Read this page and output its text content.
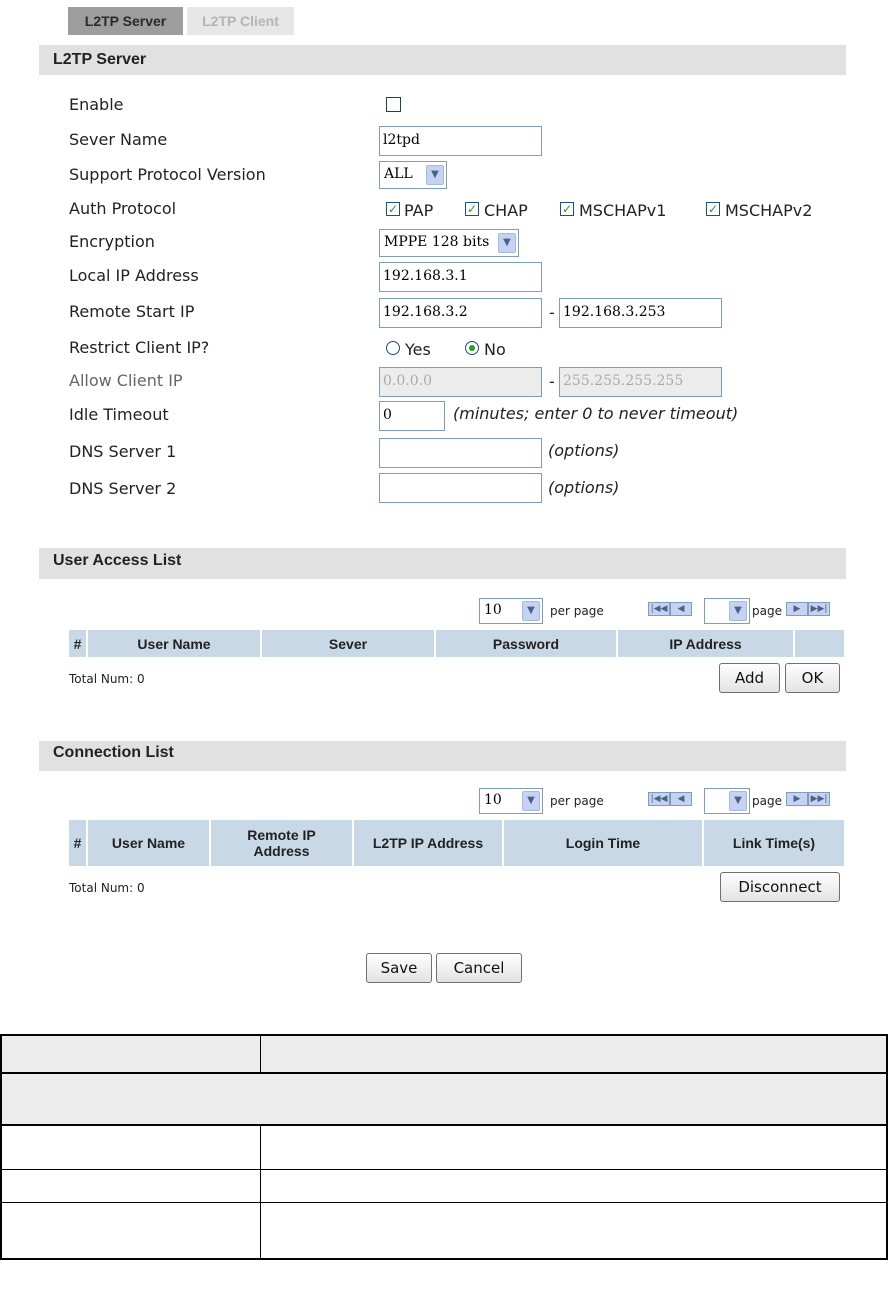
L2TP Server	L2TP Client
L2TP Server
Enable
Sever Name	l2tpd
Support Protocol Version	ALL	▼
Auth Protocol	✓ PAP	✓ CHAP	✓ MSCHAPv1	✓ MSCHAPv2
Encryption	MPPE 128 bits	▼
Local IP Address	192.168.3.1
Remote Start IP	192.168.3.2	- 192.168.3.253
Restrict Client IP?	Yes	No
Allow Client IP	0.0.0.0	- 255.255.255.255
Idle Timeout	0	(minutes; enter 0 to never timeout)
DNS Server 1	(options)
DNS Server 2	(options)
User Access List
10	▼	per page	|◀◀	◀	▼ page	▶	▶▶|
#	User Name	Sever	Password	IP Address
Total Num: 0	Add	OK
Connection List
10	▼	per page	|◀◀	◀	▼ page	▶	▶▶|
#	User Name	Remote IP Address	L2TP IP Address	Login Time	Link Time(s)
Total Num: 0	Disconnect
Save	Cancel
